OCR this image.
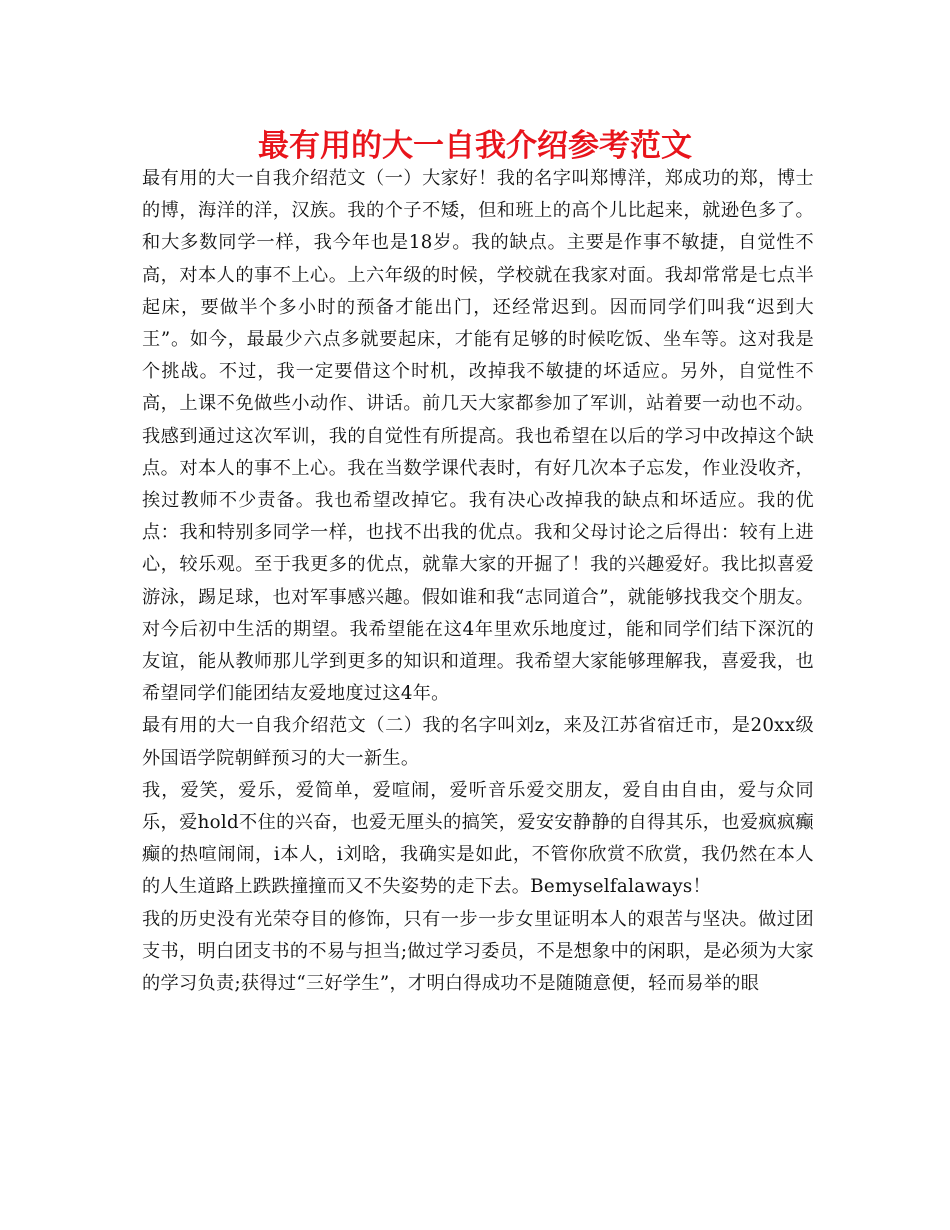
最有用的大一自我介绍参考范文

最有用的大一自我介绍范文（一）大家好！我的名字叫郑博洋，郑成功的郑，博士的博，海洋的洋，汉族。我的个子不矮，但和班上的高个儿比起来，就逊色多了。和大多数同学一样，我今年也是18岁。我的缺点。主要是作事不敏捷，自觉性不高，对本人的事不上心。上六年级的时候，学校就在我家对面。我却常常是七点半起床，要做半个多小时的预备才能出门，还经常迟到。因而同学们叫我“迟到大王”。如今，最最少六点多就要起床，才能有足够的时候吃饭、坐车等。这对我是个挑战。不过，我一定要借这个时机，改掉我不敏捷的坏适应。另外，自觉性不高，上课不免做些小动作、讲话。前几天大家都参加了军训，站着要一动也不动。我感到通过这次军训，我的自觉性有所提高。我也希望在以后的学习中改掉这个缺点。对本人的事不上心。我在当数学课代表时，有好几次本子忘发，作业没收齐，挨过教师不少责备。我也希望改掉它。我有决心改掉我的缺点和坏适应。我的优点：我和特别多同学一样，也找不出我的优点。我和父母讨论之后得出：较有上进心，较乐观。至于我更多的优点，就靠大家的开掘了！我的兴趣爱好。我比拟喜爱游泳，踢足球，也对军事感兴趣。假如谁和我“志同道合”，就能够找我交个朋友。对今后初中生活的期望。我希望能在这4年里欢乐地度过，能和同学们结下深沉的友谊，能从教师那儿学到更多的知识和道理。我希望大家能够理解我，喜爱我，也希望同学们能团结友爱地度过这4年。

最有用的大一自我介绍范文（二）我的名字叫刘z，来及江苏省宿迁市，是20xx级外国语学院朝鲜预习的大一新生。

我，爱笑，爱乐，爱简单，爱喧闹，爱听音乐爱交朋友，爱自由自由，爱与众同乐，爱hold不住的兴奋，也爱无厘头的搞笑，爱安安静静的自得其乐，也爱疯疯癫癫的热喧闹闹，i本人，i刘晗，我确实是如此，不管你欣赏不欣赏，我仍然在本人的人生道路上跌跌撞撞而又不失姿势的走下去。Bemyselfalaways！

我的历史没有光荣夺目的修饰，只有一步一步女里证明本人的艰苦与坚决。做过团支书，明白团支书的不易与担当;做过学习委员，不是想象中的闲职，是必须为大家的学习负责;获得过“三好学生”，才明白得成功不是随随意便，轻而易举的眼
